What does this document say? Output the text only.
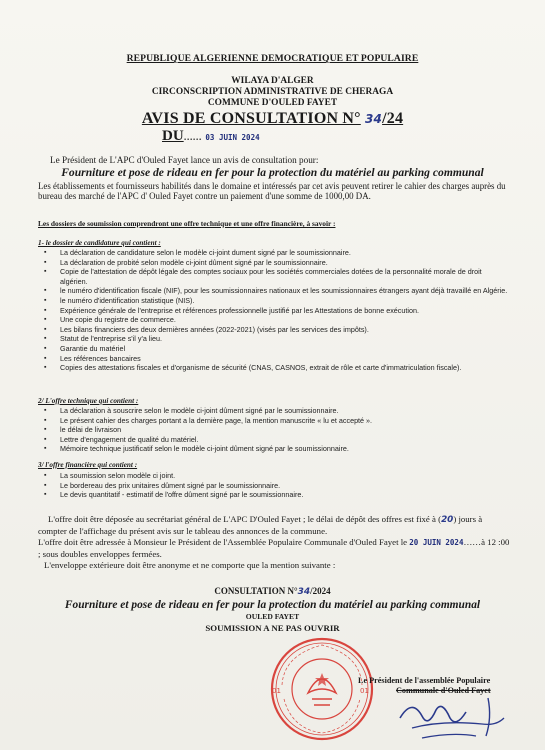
REPUBLIQUE ALGERIENNE DEMOCRATIQUE ET POPULAIRE
WILAYA D'ALGER
CIRCONSCRIPTION ADMINISTRATIVE DE CHERAGA
COMMUNE D'OULED FAYET
AVIS DE CONSULTATION N° 34/24
DU…… 03 JUIN 2024
Le Président de L'APC d'Ouled Fayet lance un avis de consultation pour:
Fourniture et pose de rideau en fer pour la protection du matériel au parking communal
Les établissements et fournisseurs habilités dans le domaine et intéressés par cet avis peuvent retirer le cahier des charges auprès du bureau des marché de l'APC d' Ouled Fayet contre un paiement d'une somme de 1000,00 DA.
Les dossiers de soumission comprendront une offre technique et une offre financière, à savoir :
1- le dossier de candidature qui contient :
▪ La déclaration de candidature selon le modèle ci-joint dument signé par le soumissionnaire.
▪ La déclaration de probité selon modèle ci-joint dûment signé par le soumissionnaire.
▪ Copie de l'attestation de dépôt légale des comptes sociaux pour les sociétés commerciales dotées de la personnalité morale de droit algérien.
▪ le numéro d'identification fiscale (NIF), pour les soumissionnaires nationaux et les soumissionnaires étrangers ayant déjà travaillé en Algérie.
▪ le numéro d'identification statistique (NIS).
▪ Expérience générale de l'entreprise et références professionnelle justifié par les Attestations de bonne exécution.
▪ Une copie du registre de commerce.
▪ Les bilans financiers des deux dernières années (2022-2021) (visés par les services des impôts).
▪ Statut de l'entreprise s'il y'a lieu.
▪ Garantie du matériel
▪ Les références bancaires
▪ Copies des attestations fiscales et d'organisme de sécurité (CNAS, CASNOS, extrait de rôle et carte d'immatriculation fiscale).
2/ L'offre technique qui contient :
▪ La déclaration à souscrire selon le modèle ci-joint dûment signé par le soumissionnaire.
▪ Le présent cahier des charges portant a la dernière page, la mention manuscrite « lu et accepté ».
▪ le délai de livraison
▪ Lettre d'engagement de qualité du matériel.
▪ Mémoire technique justificatif selon le modèle ci-joint dûment signé par le soumissionnaire.
3/ l'offre financière qui contient :
▪ La soumission selon modèle ci joint.
▪ Le bordereau des prix unitaires dûment signé par le soumissionnaire.
▪ Le devis quantitatif - estimatif de l'offre dûment signé par le soumissionnaire.
L'offre doit être déposée au secrétariat général de L'APC D'Ouled Fayet ; le délai de dépôt des offres est fixé à (20) jours à compter de l'affichage du présent avis sur le tableau des annonces de la commune.
L'offre doit être adressée à Monsieur le Président de l'Assemblée Populaire Communale d'Ouled Fayet le 20 JUIN 2024……à 12 :00 ; sous doubles enveloppes fermées.
L'enveloppe extérieure doit être anonyme et ne comporte que la mention suivante :
CONSULTATION N°34/2024
Fourniture et pose de rideau en fer pour la protection du matériel au parking communal
OULED FAYET
SOUMISSION A NE PAS OUVRIR
01	01
Le Président de l'assemblée Populaire
Communale d'Ouled Fayet
